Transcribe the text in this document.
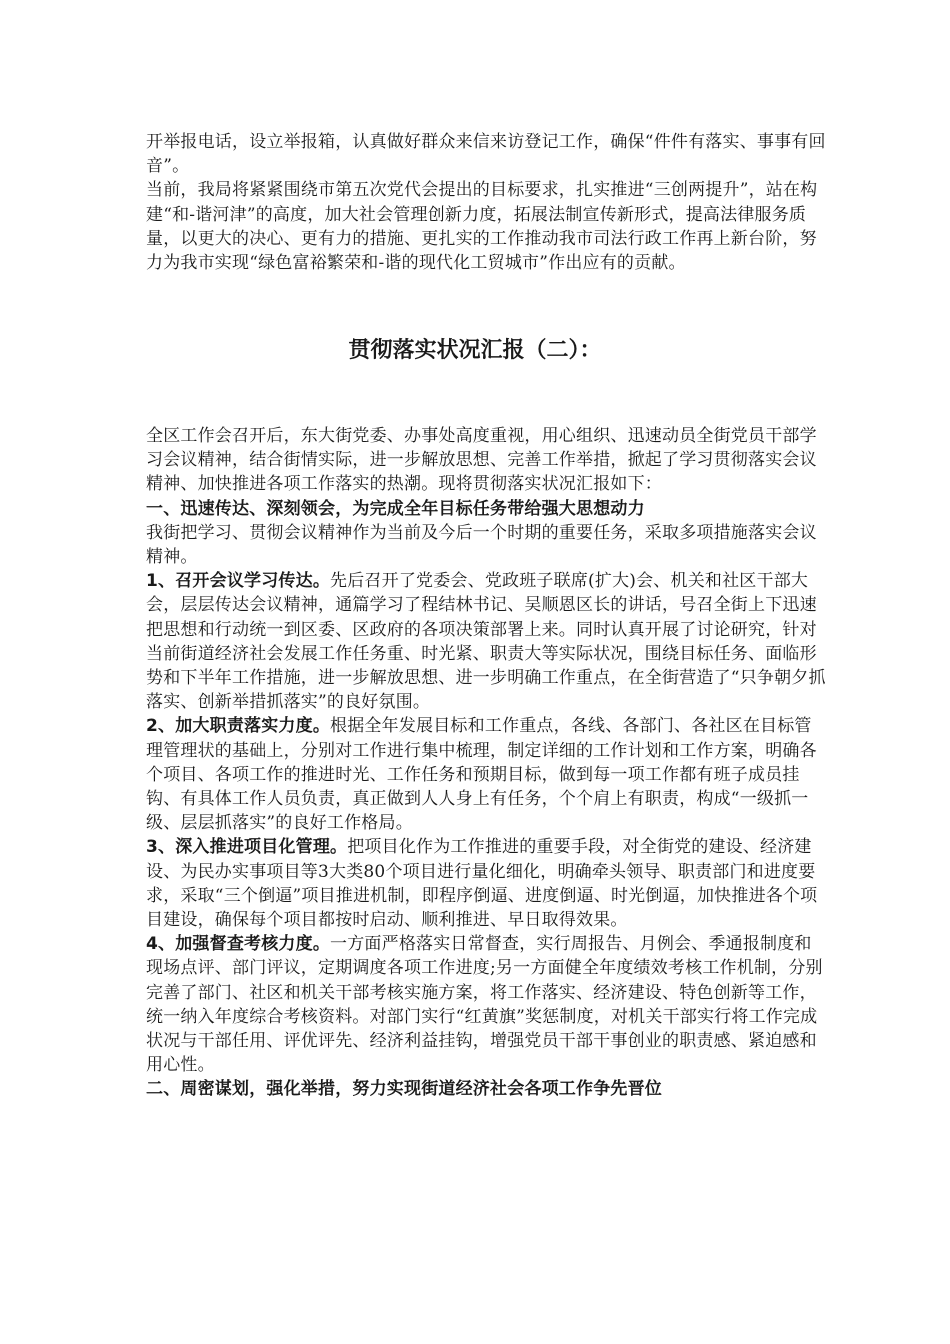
开举报电话，设立举报箱，认真做好群众来信来访登记工作，确保“件件有落实、事事有回音”。

当前，我局将紧紧围绕市第五次党代会提出的目标要求，扎实推进“三创两提升”，站在构建“和-谐河津”的高度，加大社会管理创新力度，拓展法制宣传新形式，提高法律服务质量，以更大的决心、更有力的措施、更扎实的工作推动我市司法行政工作再上新台阶，努力为我市实现“绿色富裕繁荣和-谐的现代化工贸城市”作出应有的贡献。

贯彻落实状况汇报（二）：

全区工作会召开后，东大街党委、办事处高度重视，用心组织、迅速动员全街党员干部学习会议精神，结合街情实际，进一步解放思想、完善工作举措，掀起了学习贯彻落实会议精神、加快推进各项工作落实的热潮。现将贯彻落实状况汇报如下：

一、迅速传达、深刻领会，为完成全年目标任务带给强大思想动力

我街把学习、贯彻会议精神作为当前及今后一个时期的重要任务，采取多项措施落实会议精神。

1、召开会议学习传达。先后召开了党委会、党政班子联席(扩大)会、机关和社区干部大会，层层传达会议精神，通篇学习了程结林书记、吴顺恩区长的讲话，号召全街上下迅速把思想和行动统一到区委、区政府的各项决策部署上来。同时认真开展了讨论研究，针对当前街道经济社会发展工作任务重、时光紧、职责大等实际状况，围绕目标任务、面临形势和下半年工作措施，进一步解放思想、进一步明确工作重点，在全街营造了“只争朝夕抓落实、创新举措抓落实”的良好氛围。

2、加大职责落实力度。根据全年发展目标和工作重点，各线、各部门、各社区在目标管理管理状的基础上，分别对工作进行集中梳理，制定详细的工作计划和工作方案，明确各个项目、各项工作的推进时光、工作任务和预期目标，做到每一项工作都有班子成员挂钩、有具体工作人员负责，真正做到人人身上有任务，个个肩上有职责，构成“一级抓一级、层层抓落实”的良好工作格局。

3、深入推进项目化管理。把项目化作为工作推进的重要手段，对全街党的建设、经济建设、为民办实事项目等3大类80个项目进行量化细化，明确牵头领导、职责部门和进度要求，采取“三个倒逼”项目推进机制，即程序倒逼、进度倒逼、时光倒逼，加快推进各个项目建设，确保每个项目都按时启动、顺利推进、早日取得效果。

4、加强督查考核力度。一方面严格落实日常督查，实行周报告、月例会、季通报制度和现场点评、部门评议，定期调度各项工作进度;另一方面健全年度绩效考核工作机制，分别完善了部门、社区和机关干部考核实施方案，将工作落实、经济建设、特色创新等工作，统一纳入年度综合考核资料。对部门实行“红黄旗”奖惩制度，对机关干部实行将工作完成状况与干部任用、评优评先、经济利益挂钩，增强党员干部干事创业的职责感、紧迫感和用心性。

二、周密谋划，强化举措，努力实现街道经济社会各项工作争先晋位
